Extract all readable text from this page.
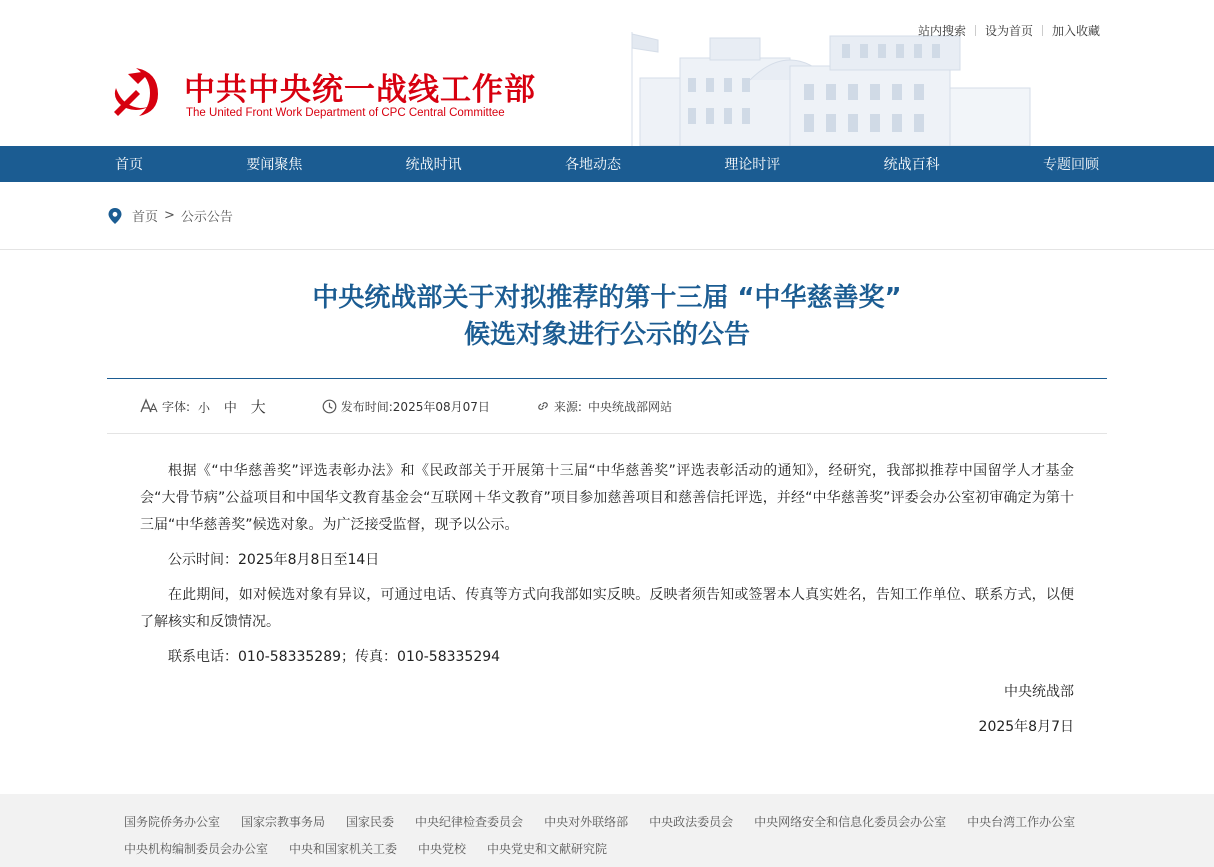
站内搜索 设为首页 加入收藏
中共中央统一战线工作部
The United Front Work Department of CPC Central Committee
首页	要闻聚焦	统战时讯	各地动态	理论时评	统战百科	专题回顾
首页 > 公示公告
中央统战部关于对拟推荐的第十三届 “中华慈善奖”
候选对象进行公示的公告
字体: 小 中 大	发布时间: 2025年08月07日	来源: 中央统战部网站

根据《“中华慈善奖”评选表彰办法》和《民政部关于开展第十三届“中华慈善奖”评选表彰活动的通知》，经研究，我部拟推荐中国留学人才基金会“大骨节病”公益项目和中国华文教育基金会“互联网＋华文教育”项目参加慈善项目和慈善信托评选，并经“中华慈善奖”评委会办公室初审确定为第十三届“中华慈善奖”候选对象。为广泛接受监督，现予以公示。

公示时间：2025年8月8日至14日

在此期间，如对候选对象有异议，可通过电话、传真等方式向我部如实反映。反映者须告知或签署本人真实姓名，告知工作单位、联系方式，以便了解核实和反馈情况。

联系电话：010-58335289；传真：010-58335294

中央统战部

2025年8月7日

国务院侨务办公室 国家宗教事务局 国家民委 中央纪律检查委员会 中央对外联络部 中央政法委员会 中央网络安全和信息化委员会办公室 中央台湾工作办公室
中央机构编制委员会办公室 中央和国家机关工委 中央党校 中央党史和文献研究院
